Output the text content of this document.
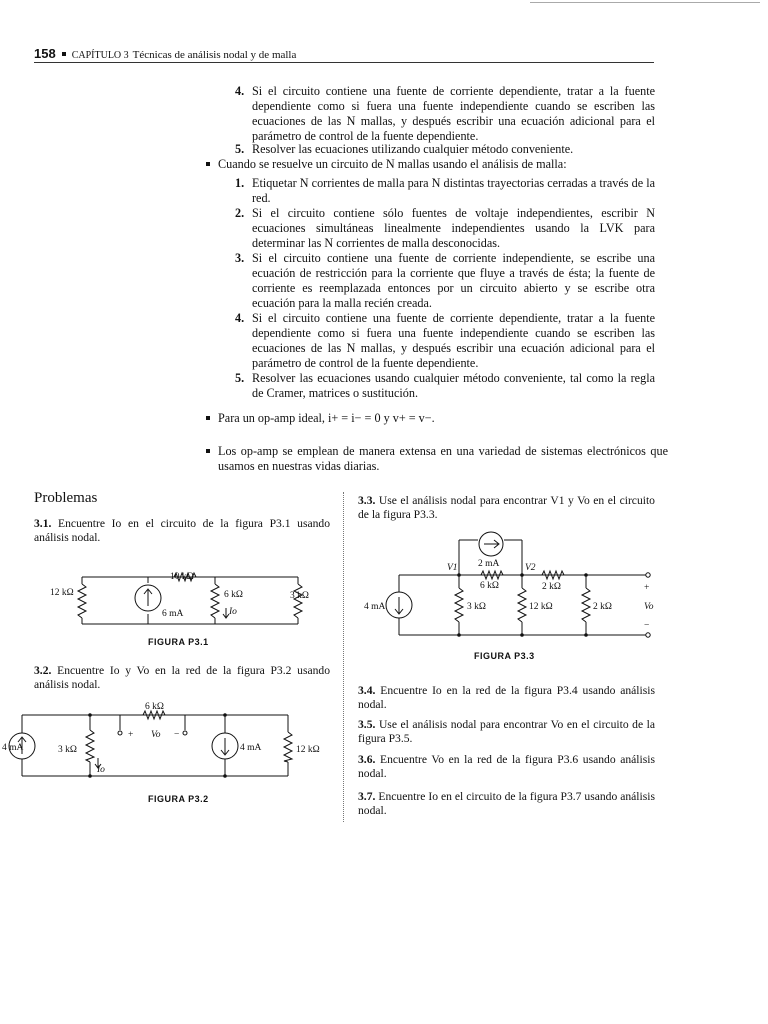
158 CAPÍTULO 3 Técnicas de análisis nodal y de malla
4. Si el circuito contiene una fuente de corriente dependiente, tratar a la fuente dependiente como si fuera una fuente independiente cuando se escriben las ecuaciones de las N mallas, y después escribir una ecuación adicional para el parámetro de control de la fuente dependiente.
5. Resolver las ecuaciones utilizando cualquier método conveniente.
Cuando se resuelve un circuito de N mallas usando el análisis de malla:
1. Etiquetar N corrientes de malla para N distintas trayectorias cerradas a través de la red.
2. Si el circuito contiene sólo fuentes de voltaje independientes, escribir N ecuaciones simultáneas linealmente independientes usando la LVK para determinar las N corrientes de malla desconocidas.
3. Si el circuito contiene una fuente de corriente independiente, se escribe una ecuación de restricción para la corriente que fluye a través de ésta; la fuente de corriente es reemplazada entonces por un circuito abierto y se escribe otra ecuación para la malla recién creada.
4. Si el circuito contiene una fuente de corriente dependiente, tratar a la fuente dependiente como si fuera una fuente independiente cuando se escriben las ecuaciones de las N mallas, y después escribir una ecuación adicional para el parámetro de control de la fuente dependiente.
5. Resolver las ecuaciones usando cualquier método conveniente, tal como la regla de Cramer, matrices o sustitución.
Para un op-amp ideal, i+ = i− = 0 y v+ = v−.
Los op-amp se emplean de manera extensa en una variedad de sistemas electrónicos que usamos en nuestras vidas diarias.
Problemas
3.1. Encuentre Io en el circuito de la figura P3.1 usando análisis nodal.
12 kΩ
10 kΩ
6 kΩ	3 kΩ
6 mA	Io
FIGURA P3.1
3.2. Encuentre Io y Vo en la red de la figura P3.2 usando análisis nodal.
4 mA	3 kΩ
6 kΩ
+ Vo −
4 mA	12 kΩ
Io
FIGURA P3.2
3.3. Use el análisis nodal para encontrar V1 y Vo en el circuito de la figura P3.3.
4 mA
2 mA
V1	V2
6 kΩ	2 kΩ
3 kΩ	12 kΩ	2 kΩ
+
Vo
−
FIGURA P3.3
3.4. Encuentre Io en la red de la figura P3.4 usando análisis nodal.
3.5. Use el análisis nodal para encontrar Vo en el circuito de la figura P3.5.
3.6. Encuentre Vo en la red de la figura P3.6 usando análisis nodal.
3.7. Encuentre Io en el circuito de la figura P3.7 usando análisis nodal.
